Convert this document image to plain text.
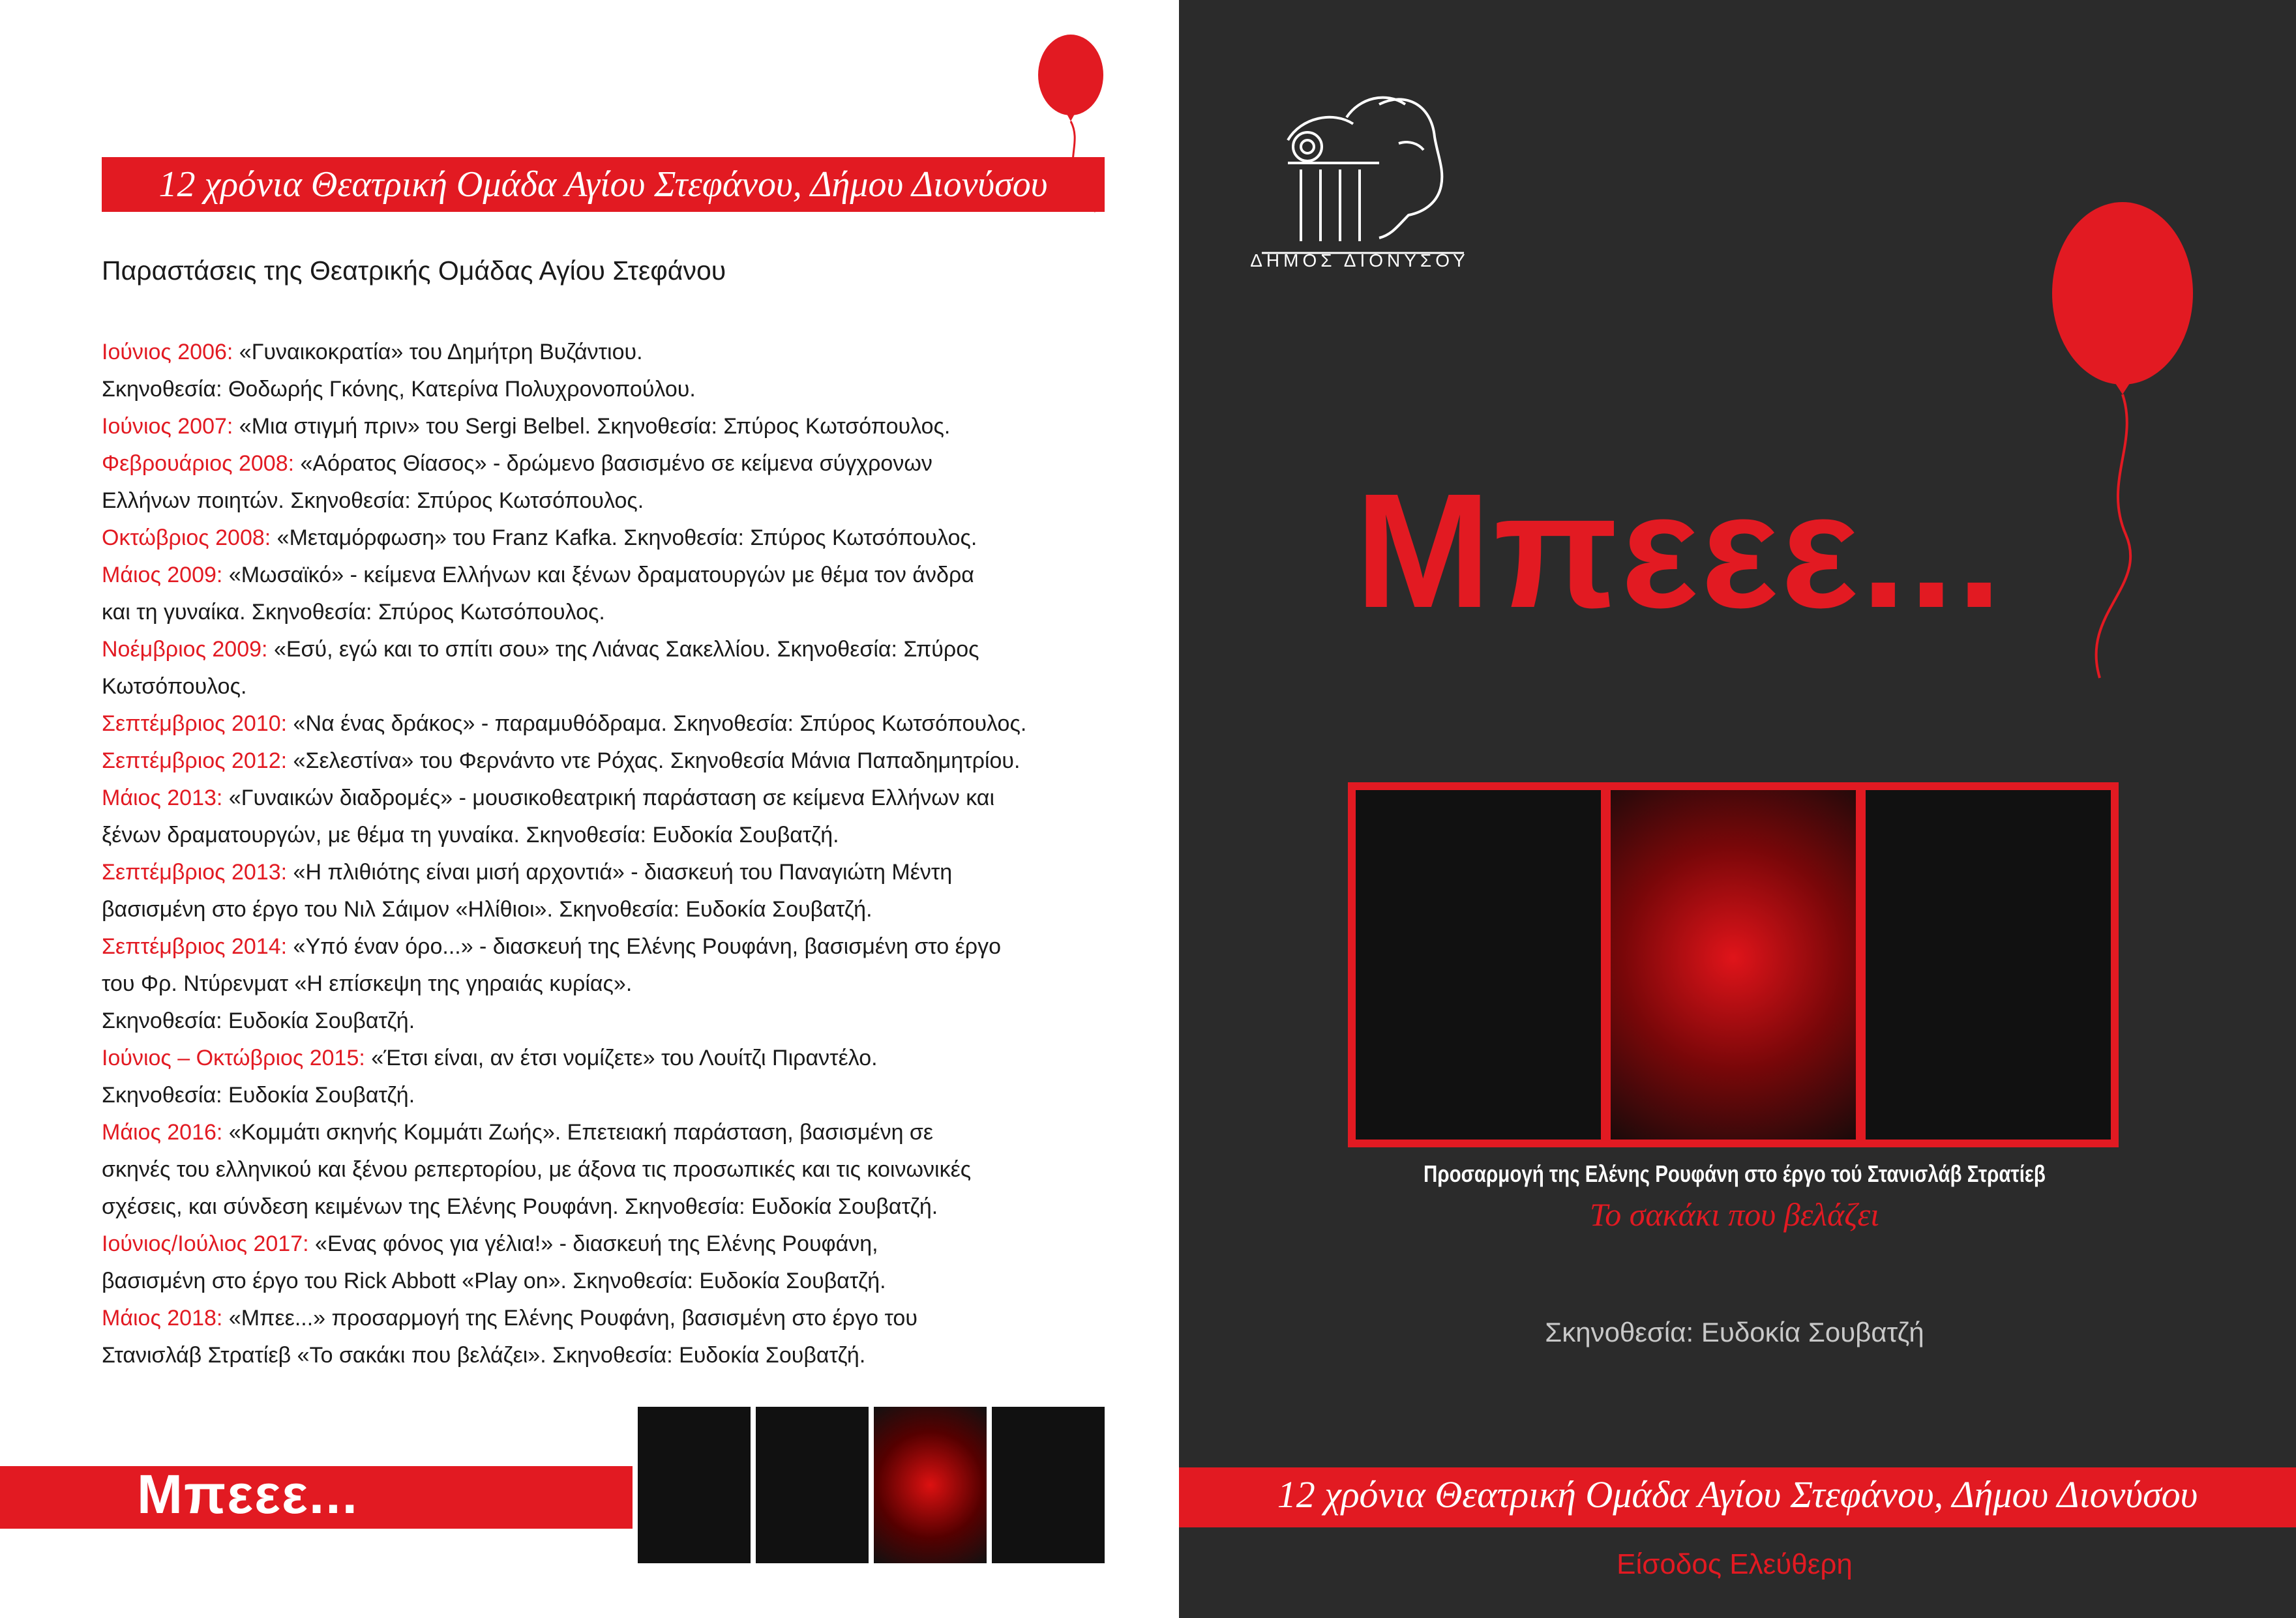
12 χρόνια Θεατρική Ομάδα Αγίου Στεφάνου, Δήμου Διονύσου
Παραστάσεις της Θεατρικής Ομάδας Αγίου Στεφάνου
Ιούνιος 2006: «Γυναικοκρατία» του Δημήτρη Βυζάντιου.
Σκηνοθεσία: Θοδωρής Γκόνης, Κατερίνα Πολυχρονοπούλου.
Ιούνιος 2007: «Μια στιγμή πριν» του Sergi Belbel. Σκηνοθεσία: Σπύρος Κωτσόπουλος.
Φεβρουάριος 2008: «Αόρατος Θίασος» - δρώμενο βασισμένο σε κείμενα σύγχρονων
Ελλήνων ποιητών. Σκηνοθεσία: Σπύρος Κωτσόπουλος.
Οκτώβριος 2008: «Μεταμόρφωση» του Franz Kafka. Σκηνοθεσία: Σπύρος Κωτσόπουλος.
Μάιος 2009: «Μωσαϊκό» - κείμενα Ελλήνων και ξένων δραματουργών με θέμα τον άνδρα
και τη γυναίκα. Σκηνοθεσία: Σπύρος Κωτσόπουλος.
Νοέμβριος 2009: «Εσύ, εγώ και το σπίτι σου» της Λιάνας Σακελλίου. Σκηνοθεσία: Σπύρος
Κωτσόπουλος.
Σεπτέμβριος 2010: «Να ένας δράκος» - παραμυθόδραμα. Σκηνοθεσία: Σπύρος Κωτσόπουλος.
Σεπτέμβριος 2012: «Σελεστίνα» του Φερνάντο ντε Ρόχας. Σκηνοθεσία Μάνια Παπαδημητρίου.
Μάιος 2013: «Γυναικών διαδρομές» - μουσικοθεατρική παράσταση σε κείμενα Ελλήνων και
ξένων δραματουργών, με θέμα τη γυναίκα. Σκηνοθεσία: Ευδοκία Σουβατζή.
Σεπτέμβριος 2013: «Η πλιθιότης είναι μισή αρχοντιά» - διασκευή του Παναγιώτη Μέντη
βασισμένη στο έργο του Νιλ Σάιμον «Ηλίθιοι». Σκηνοθεσία: Ευδοκία Σουβατζή.
Σεπτέμβριος 2014: «Υπό έναν όρο...» - διασκευή της Ελένης Ρουφάνη, βασισμένη στο έργο
του Φρ. Ντύρενματ «Η επίσκεψη της γηραιάς κυρίας».
Σκηνοθεσία: Ευδοκία Σουβατζή.
Ιούνιος – Οκτώβριος 2015: «Έτσι είναι, αν έτσι νομίζετε» του Λουίτζι Πιραντέλο.
Σκηνοθεσία: Ευδοκία Σουβατζή.
Μάιος 2016: «Κομμάτι σκηνής Κομμάτι Ζωής». Επετειακή παράσταση, βασισμένη σε
σκηνές του ελληνικού και ξένου ρεπερτορίου, με άξονα τις προσωπικές και τις κοινωνικές
σχέσεις, και σύνδεση κειμένων της Ελένης Ρουφάνη. Σκηνοθεσία: Ευδοκία Σουβατζή.
Ιούνιος/Ιούλιος 2017: «Ενας φόνος για γέλια!» - διασκευή της Ελένης Ρουφάνη,
βασισμένη στο έργο του Rick Abbott «Play on». Σκηνοθεσία: Ευδοκία Σουβατζή.
Μάιος 2018: «Μπεε...» προσαρμογή της Ελένης Ρουφάνη, βασισμένη στο έργο του
Στανισλάβ Στρατίεβ «Το σακάκι που βελάζει». Σκηνοθεσία: Ευδοκία Σουβατζή.
Μπεεε...
ΔΗΜΟΣ ΔΙΟΝΥΣΟΥ
Μπεεε...
Προσαρμογή της Ελένης Ρουφάνη στο έργο τού Στανισλάβ Στρατίεβ
Το σακάκι που βελάζει
Σκηνοθεσία: Ευδοκία Σουβατζή
12 χρόνια Θεατρική Ομάδα Αγίου Στεφάνου, Δήμου Διονύσου
Είσοδος Ελεύθερη
